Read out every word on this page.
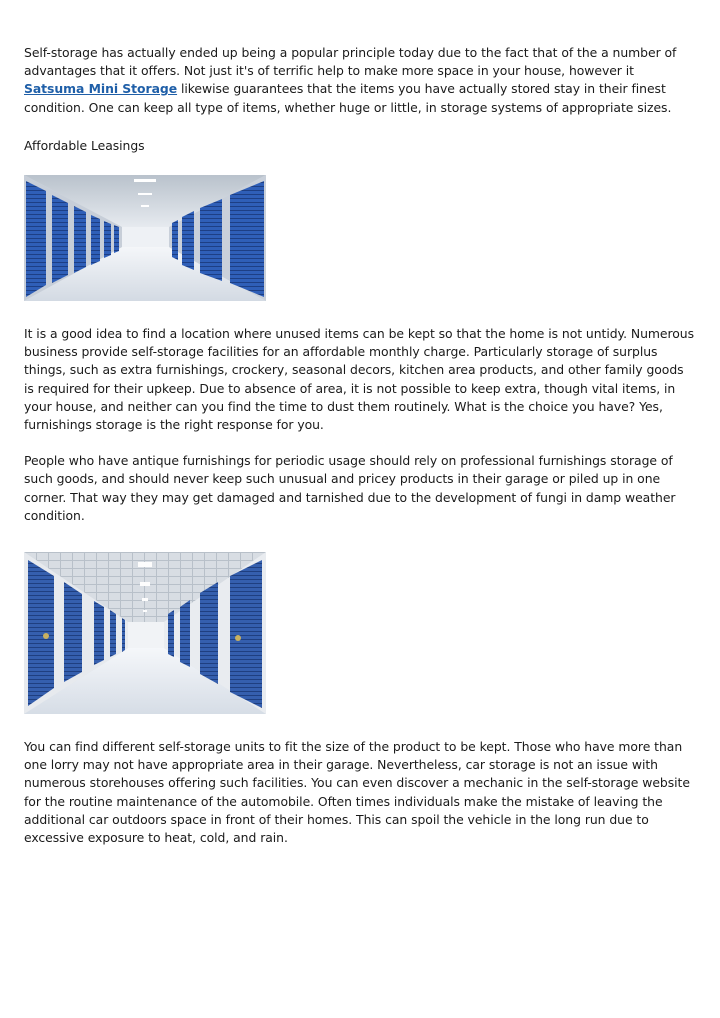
Self-storage has actually ended up being a popular principle today due to the fact that of the a number of advantages that it offers. Not just it's of terrific help to make more space in your house, however it Satsuma Mini Storage likewise guarantees that the items you have actually stored stay in their finest condition. One can keep all type of items, whether huge or little, in storage systems of appropriate sizes.

Affordable Leasings

It is a good idea to find a location where unused items can be kept so that the home is not untidy. Numerous business provide self-storage facilities for an affordable monthly charge. Particularly storage of surplus things, such as extra furnishings, crockery, seasonal decors, kitchen area products, and other family goods is required for their upkeep. Due to absence of area, it is not possible to keep extra, though vital items, in your house, and neither can you find the time to dust them routinely. What is the choice you have? Yes, furnishings storage is the right response for you.

People who have antique furnishings for periodic usage should rely on professional furnishings storage of such goods, and should never keep such unusual and pricey products in their garage or piled up in one corner. That way they may get damaged and tarnished due to the development of fungi in damp weather condition.

You can find different self-storage units to fit the size of the product to be kept. Those who have more than one lorry may not have appropriate area in their garage. Nevertheless, car storage is not an issue with numerous storehouses offering such facilities. You can even discover a mechanic in the self-storage website for the routine maintenance of the automobile. Often times individuals make the mistake of leaving the additional car outdoors space in front of their homes. This can spoil the vehicle in the long run due to excessive exposure to heat, cold, and rain.
